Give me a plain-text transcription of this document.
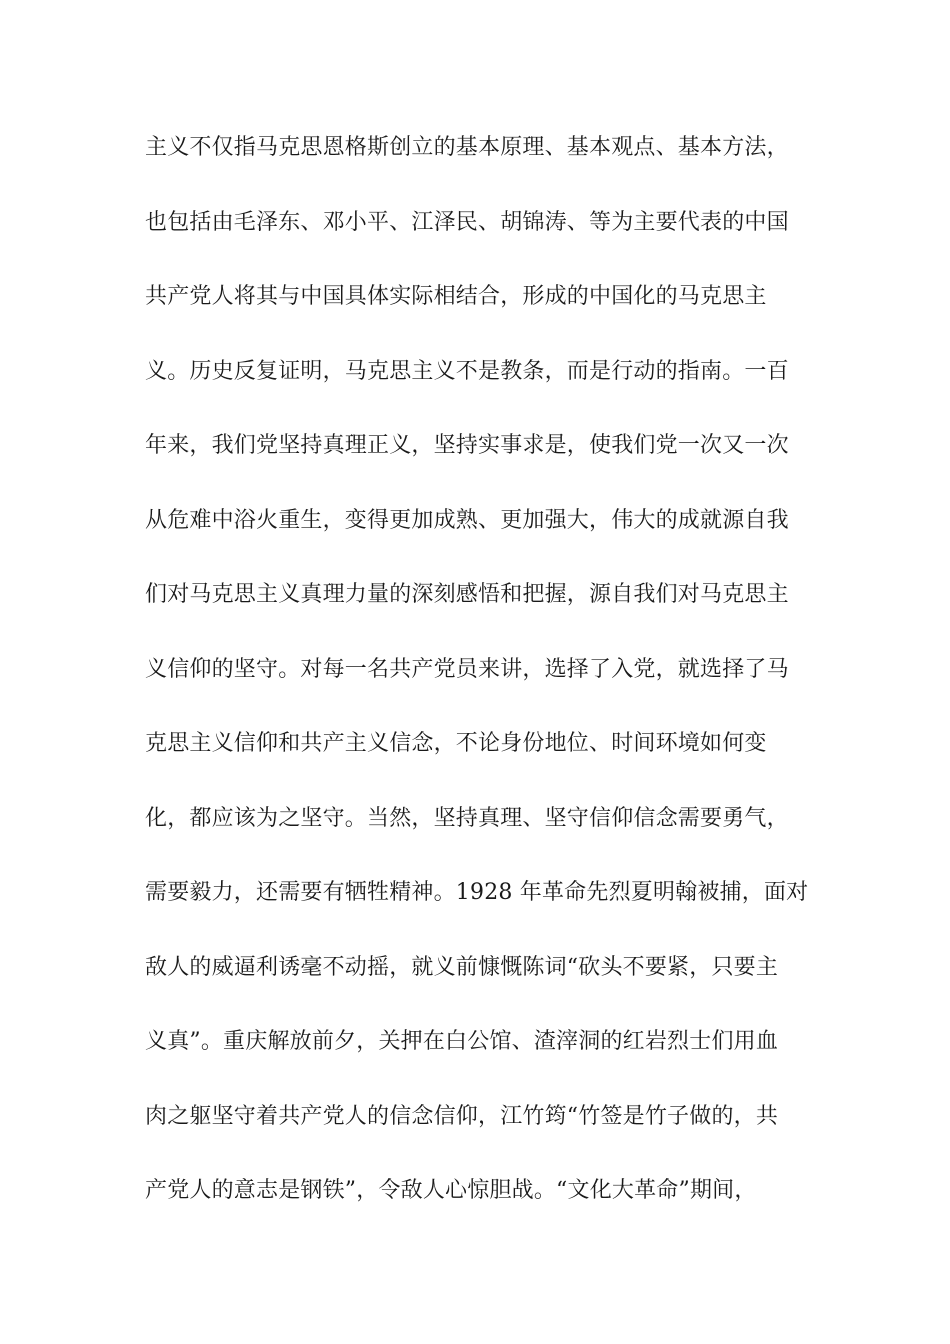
主义不仅指马克思恩格斯创立的基本原理、基本观点、基本方法，
也包括由毛泽东、邓小平、江泽民、胡锦涛、等为主要代表的中国
共产党人将其与中国具体实际相结合，形成的中国化的马克思主
义。历史反复证明，马克思主义不是教条，而是行动的指南。一百
年来，我们党坚持真理正义，坚持实事求是，使我们党一次又一次
从危难中浴火重生，变得更加成熟、更加强大，伟大的成就源自我
们对马克思主义真理力量的深刻感悟和把握，源自我们对马克思主
义信仰的坚守。对每一名共产党员来讲，选择了入党，就选择了马
克思主义信仰和共产主义信念，不论身份地位、时间环境如何变
化，都应该为之坚守。当然，坚持真理、坚守信仰信念需要勇气，
需要毅力，还需要有牺牲精神。1928 年革命先烈夏明翰被捕，面对
敌人的威逼利诱毫不动摇，就义前慷慨陈词“砍头不要紧，只要主
义真”。重庆解放前夕，关押在白公馆、渣滓洞的红岩烈士们用血
肉之躯坚守着共产党人的信念信仰，江竹筠“竹签是竹子做的，共
产党人的意志是钢铁”，令敌人心惊胆战。“文化大革命”期间，
